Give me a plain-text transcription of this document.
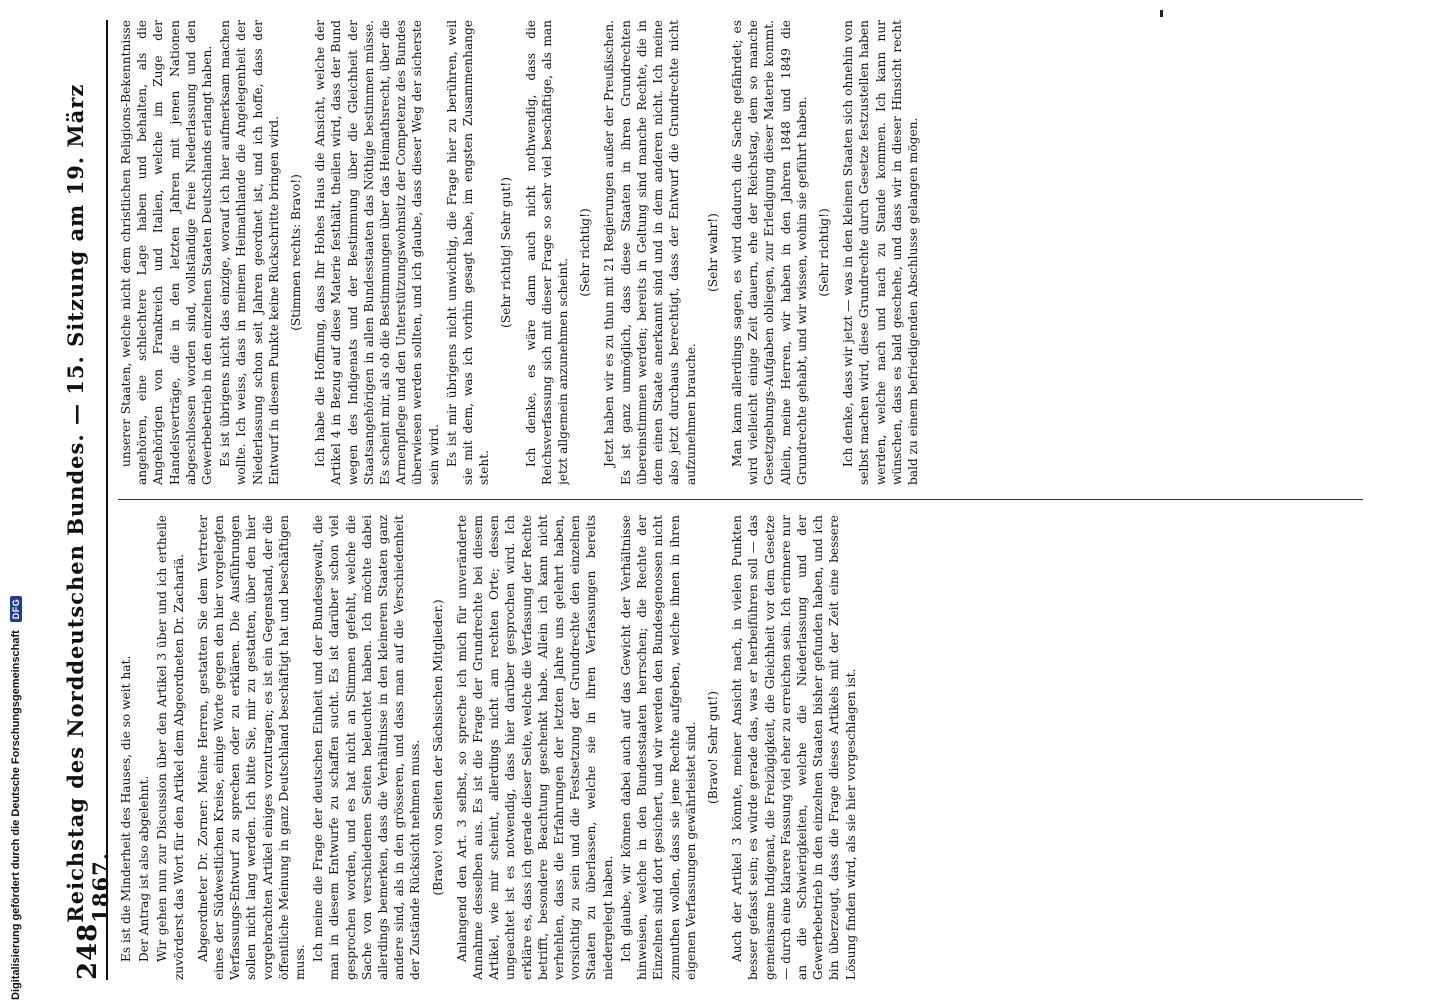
248
Reichstag des Norddeutschen Bundes. — 15. Sitzung am 19. März 1867. Es ist die Minderheit des Hauses, die so weit hat. Der Antrag ist also abgelehnt. Wir gehen nun zur Discussion über den Artikel 3 über und ich ertheile zuvörderst das Wort für den Artikel dem Abgeordneten Dr. Zachariä. Abgeordneter Dr. Zorner: Meine Herren, gestatten Sie dem Vertreter eines der Südwestlichen Kreise, einige Worte gegen den hier vorgelegten Verfassungs-Entwurf zu sprechen oder zu erklären. Die Ausführungen sollen nicht lang werden. Ich bitte Sie, mir zu gestatten, über den hier vorgebrachten Artikel einiges vorzutragen; es ist ein Gegenstand, der die öffentliche Meinung in ganz Deutschland beschäftigt hat und beschäftigen muss.

Ich meine die Frage der deutschen Einheit und der Bundesgewalt, die man in diesem Entwurfe zu schaffen sucht. Es ist darüber schon viel gesprochen worden, und es hat nicht an Stimmen gefehlt, welche die Sache von verschiedenen Seiten beleuchtet haben. Ich möchte dabei allerdings bemerken, dass die Verhältnisse in den kleineren Staaten ganz andere sind, als in den grösseren, und dass man auf die Verschiedenheit der Zustände Rücksicht nehmen muss. (Bravo! von Seiten der Sächsischen Mitglieder.) Anlangend den Art. 3 selbst, so spreche ich mich für unveränderte Annahme desselben aus. Es ist die Frage der Grundrechte bei diesem Artikel, wie mir scheint, allerdings nicht am rechten Orte; dessen ungeachtet ist es notwendig, dass hier darüber gesprochen wird. Ich erkläre es, dass ich gerade dieser Seite, welche die Verfassung der Rechte betrifft, besondere Beachtung geschenkt habe. Allein ich kann nicht verhehlen, dass die Erfahrungen der letzten Jahre uns gelehrt haben, vorsichtig zu sein und die Festsetzung der Grundrechte den einzelnen Staaten zu überlassen, welche sie in ihren Verfassungen bereits niedergelegt haben. Ich glaube, wir können dabei auch auf das Gewicht der Verhältnisse hinweisen, welche in den Bundesstaaten herrschen; die Rechte der Einzelnen sind dort gesichert, und wir werden den Bundesgenossen nicht zumuthen wollen, dass sie jene Rechte aufgeben, welche ihnen in ihren eigenen Verfassungen gewährleistet sind. (Bravo! Sehr gut!) Auch der Artikel 3 könnte, meiner Ansicht nach, in vielen Punkten besser gefasst sein; es würde gerade das, was er herbeiführen soll — das gemeinsame Indigenat, die Freizügigkeit, die Gleichheit vor dem Gesetze — durch eine klarere Fassung viel eher zu erreichen sein. Ich erinnere nur an die Schwierigkeiten, welche die Niederlassung und der Gewerbebetrieb in den einzelnen Staaten bisher gefunden haben, und ich bin überzeugt, dass die Frage dieses Artikels mit der Zeit eine bessere Lösung finden wird, als sie hier vorgeschlagen ist.

unserer Staaten, welche nicht dem christlichen Religions-Bekenntnisse angehören, eine schlechtere Lage haben und behalten, als die Angehörigen von Frankreich und Italien, welche im Zuge der Handelsverträge, die in den letzten Jahren mit jenen Nationen abgeschlossen worden sind, vollständige freie Niederlassung und den Gewerbebetrieb in den einzelnen Staaten Deutschlands erlangt haben. Es ist übrigens nicht das einzige, worauf ich hier aufmerksam machen wollte. Ich weiss, dass in meinem Heimathlande die Angelegenheit der Niederlassung schon seit Jahren geordnet ist, und ich hoffe, dass der Entwurf in diesem Punkte keine Rückschritte bringen wird. (Stimmen rechts: Bravo!) Ich habe die Hoffnung, dass Ihr Hohes Haus die Ansicht, welche der Artikel 4 in Bezug auf diese Materie festhält, theilen wird, dass der Bund wegen des Indigenats und der Bestimmung über die Gleichheit der Staatsangehörigen in allen Bundesstaaten das Nöthige bestimmen müsse. Es scheint mir, als ob die Bestimmungen über das Heimathsrecht, über die Armenpflege und den Unterstützungswohnsitz der Competenz des Bundes überwiesen werden sollten, und ich glaube, dass dieser Weg der sicherste sein wird. Es ist mir übrigens nicht unwichtig, die Frage hier zu berühren, weil sie mit dem, was ich vorhin gesagt habe, im engsten Zusammenhange steht.

(Sehr richtig! Sehr gut!) Ich denke, es wäre dann auch nicht nothwendig, dass die Reichsverfassung sich mit dieser Frage so sehr viel beschäftige, als man jetzt allgemein anzunehmen scheint.

(Sehr richtig!) Jetzt haben wir es zu thun mit 21 Regierungen außer der Preußischen. Es ist ganz unmöglich, dass diese Staaten in ihren Grundrechten übereinstimmen werden; bereits in Geltung sind manche Rechte, die in dem einen Staate anerkannt sind und in dem anderen nicht. Ich meine also jetzt durchaus berechtigt, dass der Entwurf die Grundrechte nicht aufzunehmen brauche.

(Sehr wahr!) Man kann allerdings sagen, es wird dadurch die Sache gefährdet; es wird vielleicht einige Zeit dauern, ehe der Reichstag, dem so manche Gesetzgebungs-Aufgaben obliegen, zur Erledigung dieser Materie kommt. Allein, meine Herren, wir haben in den Jahren 1848 und 1849 die Grundrechte gehabt, und wir wissen, wohin sie geführt haben. (Sehr richtig!) Ich denke, dass wir jetzt — was in den kleinen Staaten sich ohnehin von selbst machen wird, diese Grundrechte durch Gesetze festzustellen haben werden, welche nach und nach zu Stande kommen. Ich kann nur wünschen, dass es bald geschehe, und dass wir in dieser Hinsicht recht bald zu einem befriedigenden Abschlusse gelangen mögen.

Digitalisierung gefördert durch die Deutsche Forschungsgemeinschaft
DFG
